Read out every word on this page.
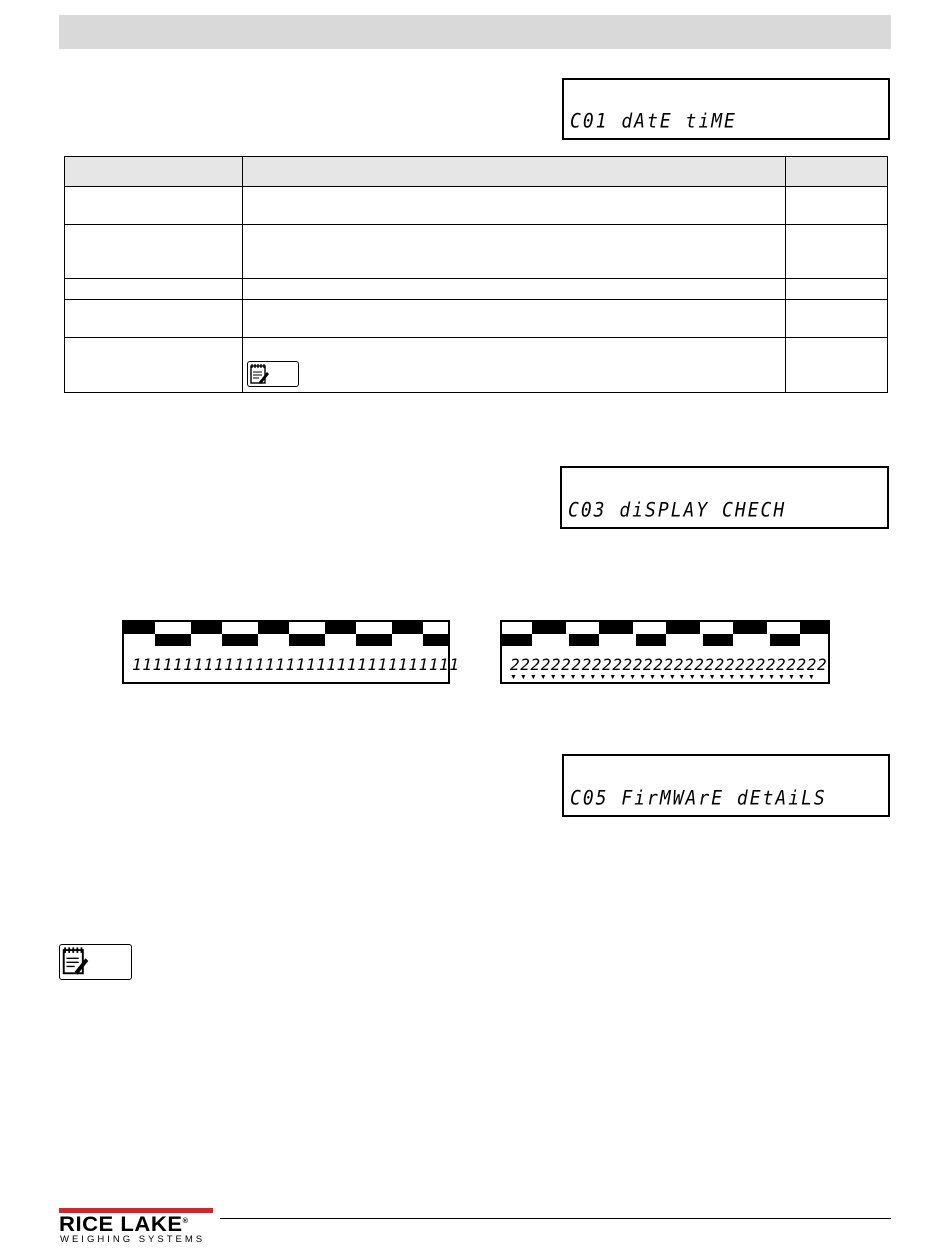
C01 dAtE tiME

C03 diSPLAY CHECH
11111111111111111111111111111111	2222222222222222222222222222222
▼▼▼▼▼▼▼▼▼▼▼▼▼▼▼▼▼▼▼▼▼▼▼▼▼▼▼▼▼▼▼
C05 FirMWArE dEtAiLS
RICE LAKE®
WEIGHING SYSTEMS
